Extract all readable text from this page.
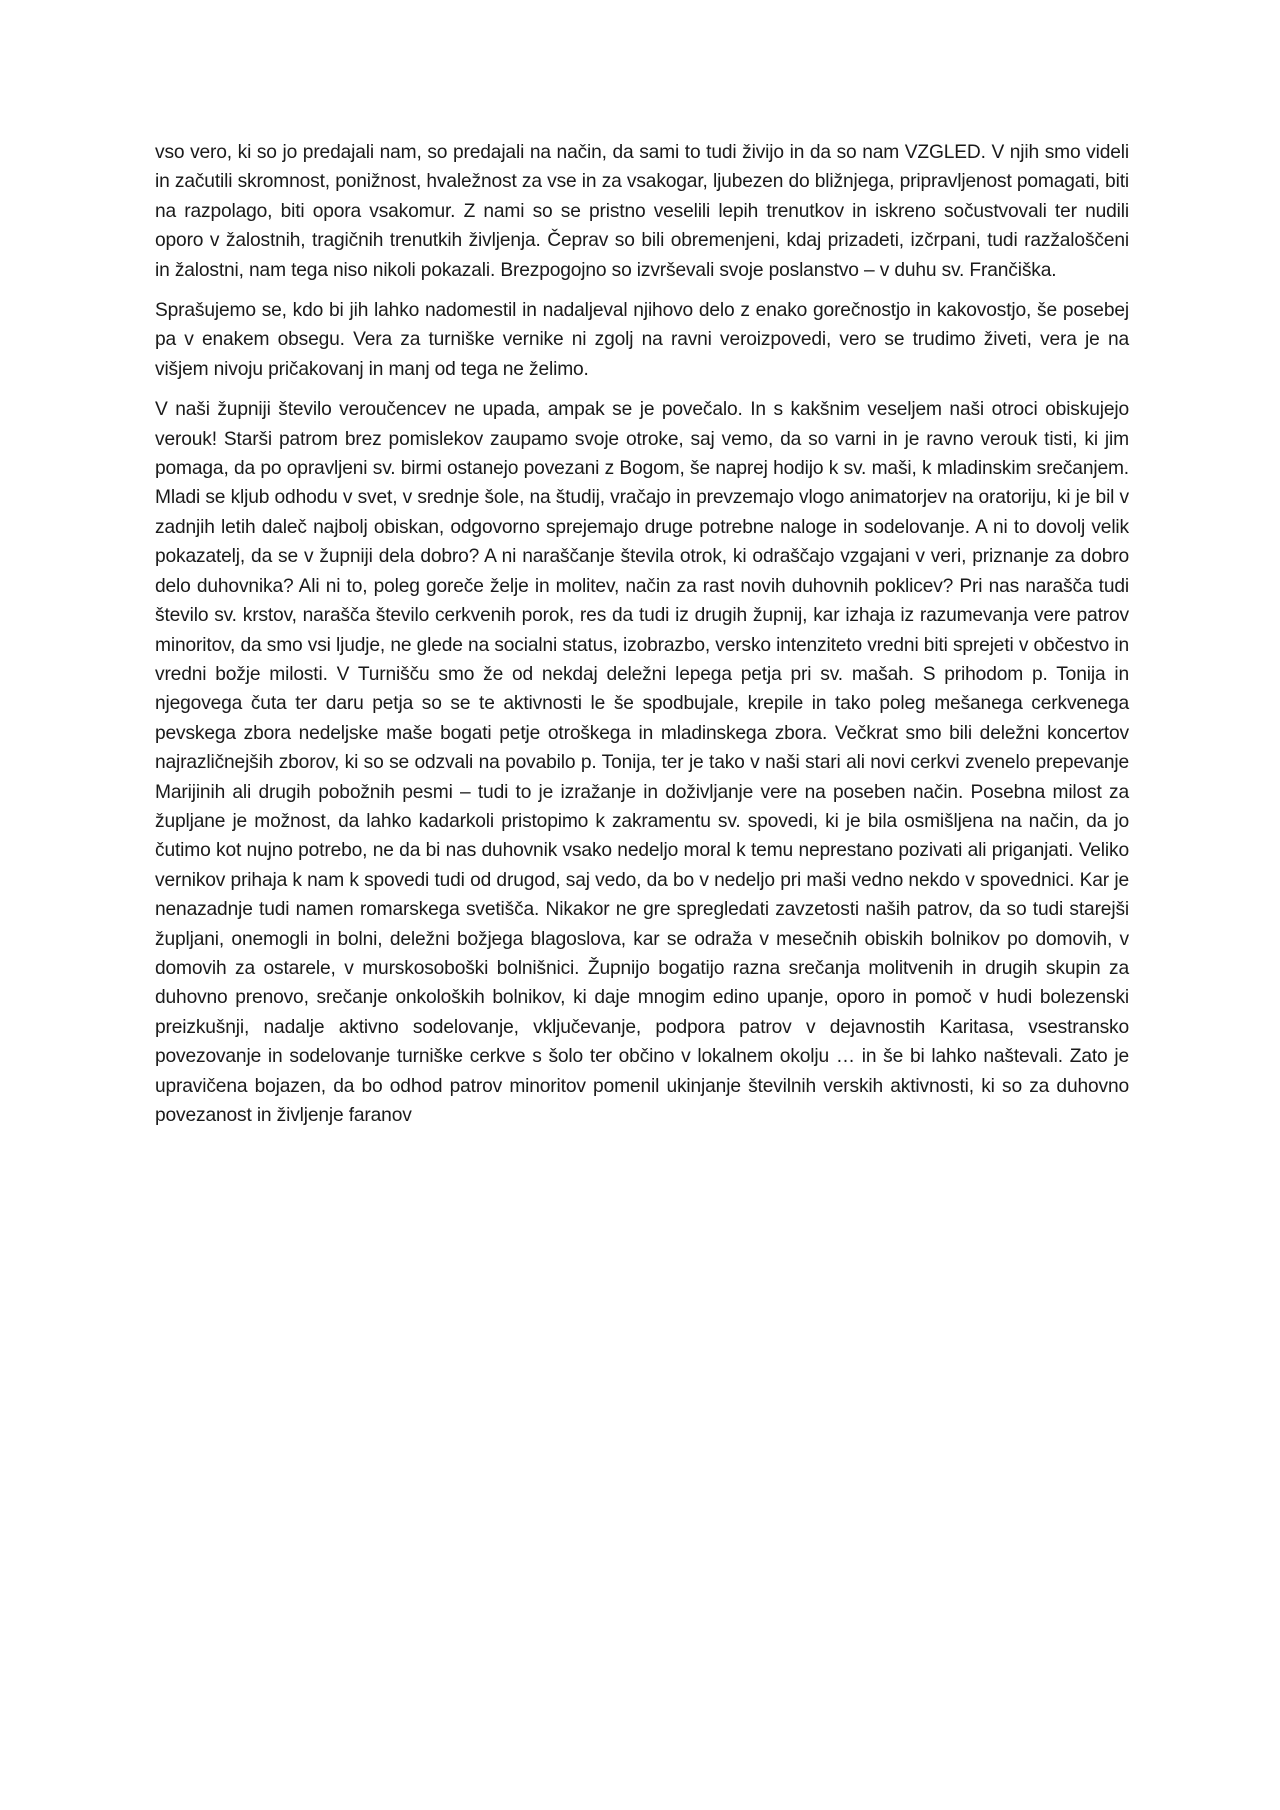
vso vero, ki so jo predajali nam, so predajali na način, da sami to tudi živijo in da so nam VZGLED. V njih smo videli in začutili skromnost, ponižnost, hvaležnost za vse in za vsakogar, ljubezen do bližnjega, pripravljenost pomagati, biti na razpolago, biti opora vsakomur. Z nami so se pristno veselili lepih trenutkov in iskreno sočustvovali ter nudili oporo v žalostnih, tragičnih trenutkih življenja. Čeprav so bili obremenjeni, kdaj prizadeti, izčrpani, tudi razžaloščeni in žalostni, nam tega niso nikoli pokazali. Brezpogojno so izvrševali svoje poslanstvo – v duhu sv. Frančiška.

Sprašujemo se, kdo bi jih lahko nadomestil in nadaljeval njihovo delo z enako gorečnostjo in kakovostjo, še posebej pa v enakem obsegu. Vera za turniške vernike ni zgolj na ravni veroizpovedi, vero se trudimo živeti, vera je na višjem nivoju pričakovanj in manj od tega ne želimo.

V naši župniji število veroučencev ne upada, ampak se je povečalo. In s kakšnim veseljem naši otroci obiskujejo verouk! Starši patrom brez pomislekov zaupamo svoje otroke, saj vemo, da so varni in je ravno verouk tisti, ki jim pomaga, da po opravljeni sv. birmi ostanejo povezani z Bogom, še naprej hodijo k sv. maši, k mladinskim srečanjem. Mladi se kljub odhodu v svet, v srednje šole, na študij, vračajo in prevzemajo vlogo animatorjev na oratoriju, ki je bil v zadnjih letih daleč najbolj obiskan, odgovorno sprejemajo druge potrebne naloge in sodelovanje. A ni to dovolj velik pokazatelj, da se v župniji dela dobro? A ni naraščanje števila otrok, ki odraščajo vzgajani v veri, priznanje za dobro delo duhovnika? Ali ni to, poleg goreče želje in molitev, način za rast novih duhovnih poklicev? Pri nas narašča tudi število sv. krstov, narašča število cerkvenih porok, res da tudi iz drugih župnij, kar izhaja iz razumevanja vere patrov minoritov, da smo vsi ljudje, ne glede na socialni status, izobrazbo, versko intenziteto vredni biti sprejeti v občestvo in vredni božje milosti. V Turnišču smo že od nekdaj deležni lepega petja pri sv. mašah. S prihodom p. Tonija in njegovega čuta ter daru petja so se te aktivnosti le še spodbujale, krepile in tako poleg mešanega cerkvenega pevskega zbora nedeljske maše bogati petje otroškega in mladinskega zbora. Večkrat smo bili deležni koncertov najrazličnejših zborov, ki so se odzvali na povabilo p. Tonija, ter je tako v naši stari ali novi cerkvi zvenelo prepevanje Marijinih ali drugih pobožnih pesmi – tudi to je izražanje in doživljanje vere na poseben način. Posebna milost za župljane je možnost, da lahko kadarkoli pristopimo k zakramentu sv. spovedi, ki je bila osmišljena na način, da jo čutimo kot nujno potrebo, ne da bi nas duhovnik vsako nedeljo moral k temu neprestano pozivati ali priganjati. Veliko vernikov prihaja k nam k spovedi tudi od drugod, saj vedo, da bo v nedeljo pri maši vedno nekdo v spovednici. Kar je nenazadnje tudi namen romarskega svetišča. Nikakor ne gre spregledati zavzetosti naših patrov, da so tudi starejši župljani, onemogli in bolni, deležni božjega blagoslova, kar se odraža v mesečnih obiskih bolnikov po domovih, v domovih za ostarele, v murskosoboški bolnišnici. Župnijo bogatijo razna srečanja molitvenih in drugih skupin za duhovno prenovo, srečanje onkoloških bolnikov, ki daje mnogim edino upanje, oporo in pomoč v hudi bolezenski preizkušnji, nadalje aktivno sodelovanje, vključevanje, podpora patrov v dejavnostih Karitasa, vsestransko povezovanje in sodelovanje turniške cerkve s šolo ter občino v lokalnem okolju … in še bi lahko naštevali. Zato je upravičena bojazen, da bo odhod patrov minoritov pomenil ukinjanje številnih verskih aktivnosti, ki so za duhovno povezanost in življenje faranov
